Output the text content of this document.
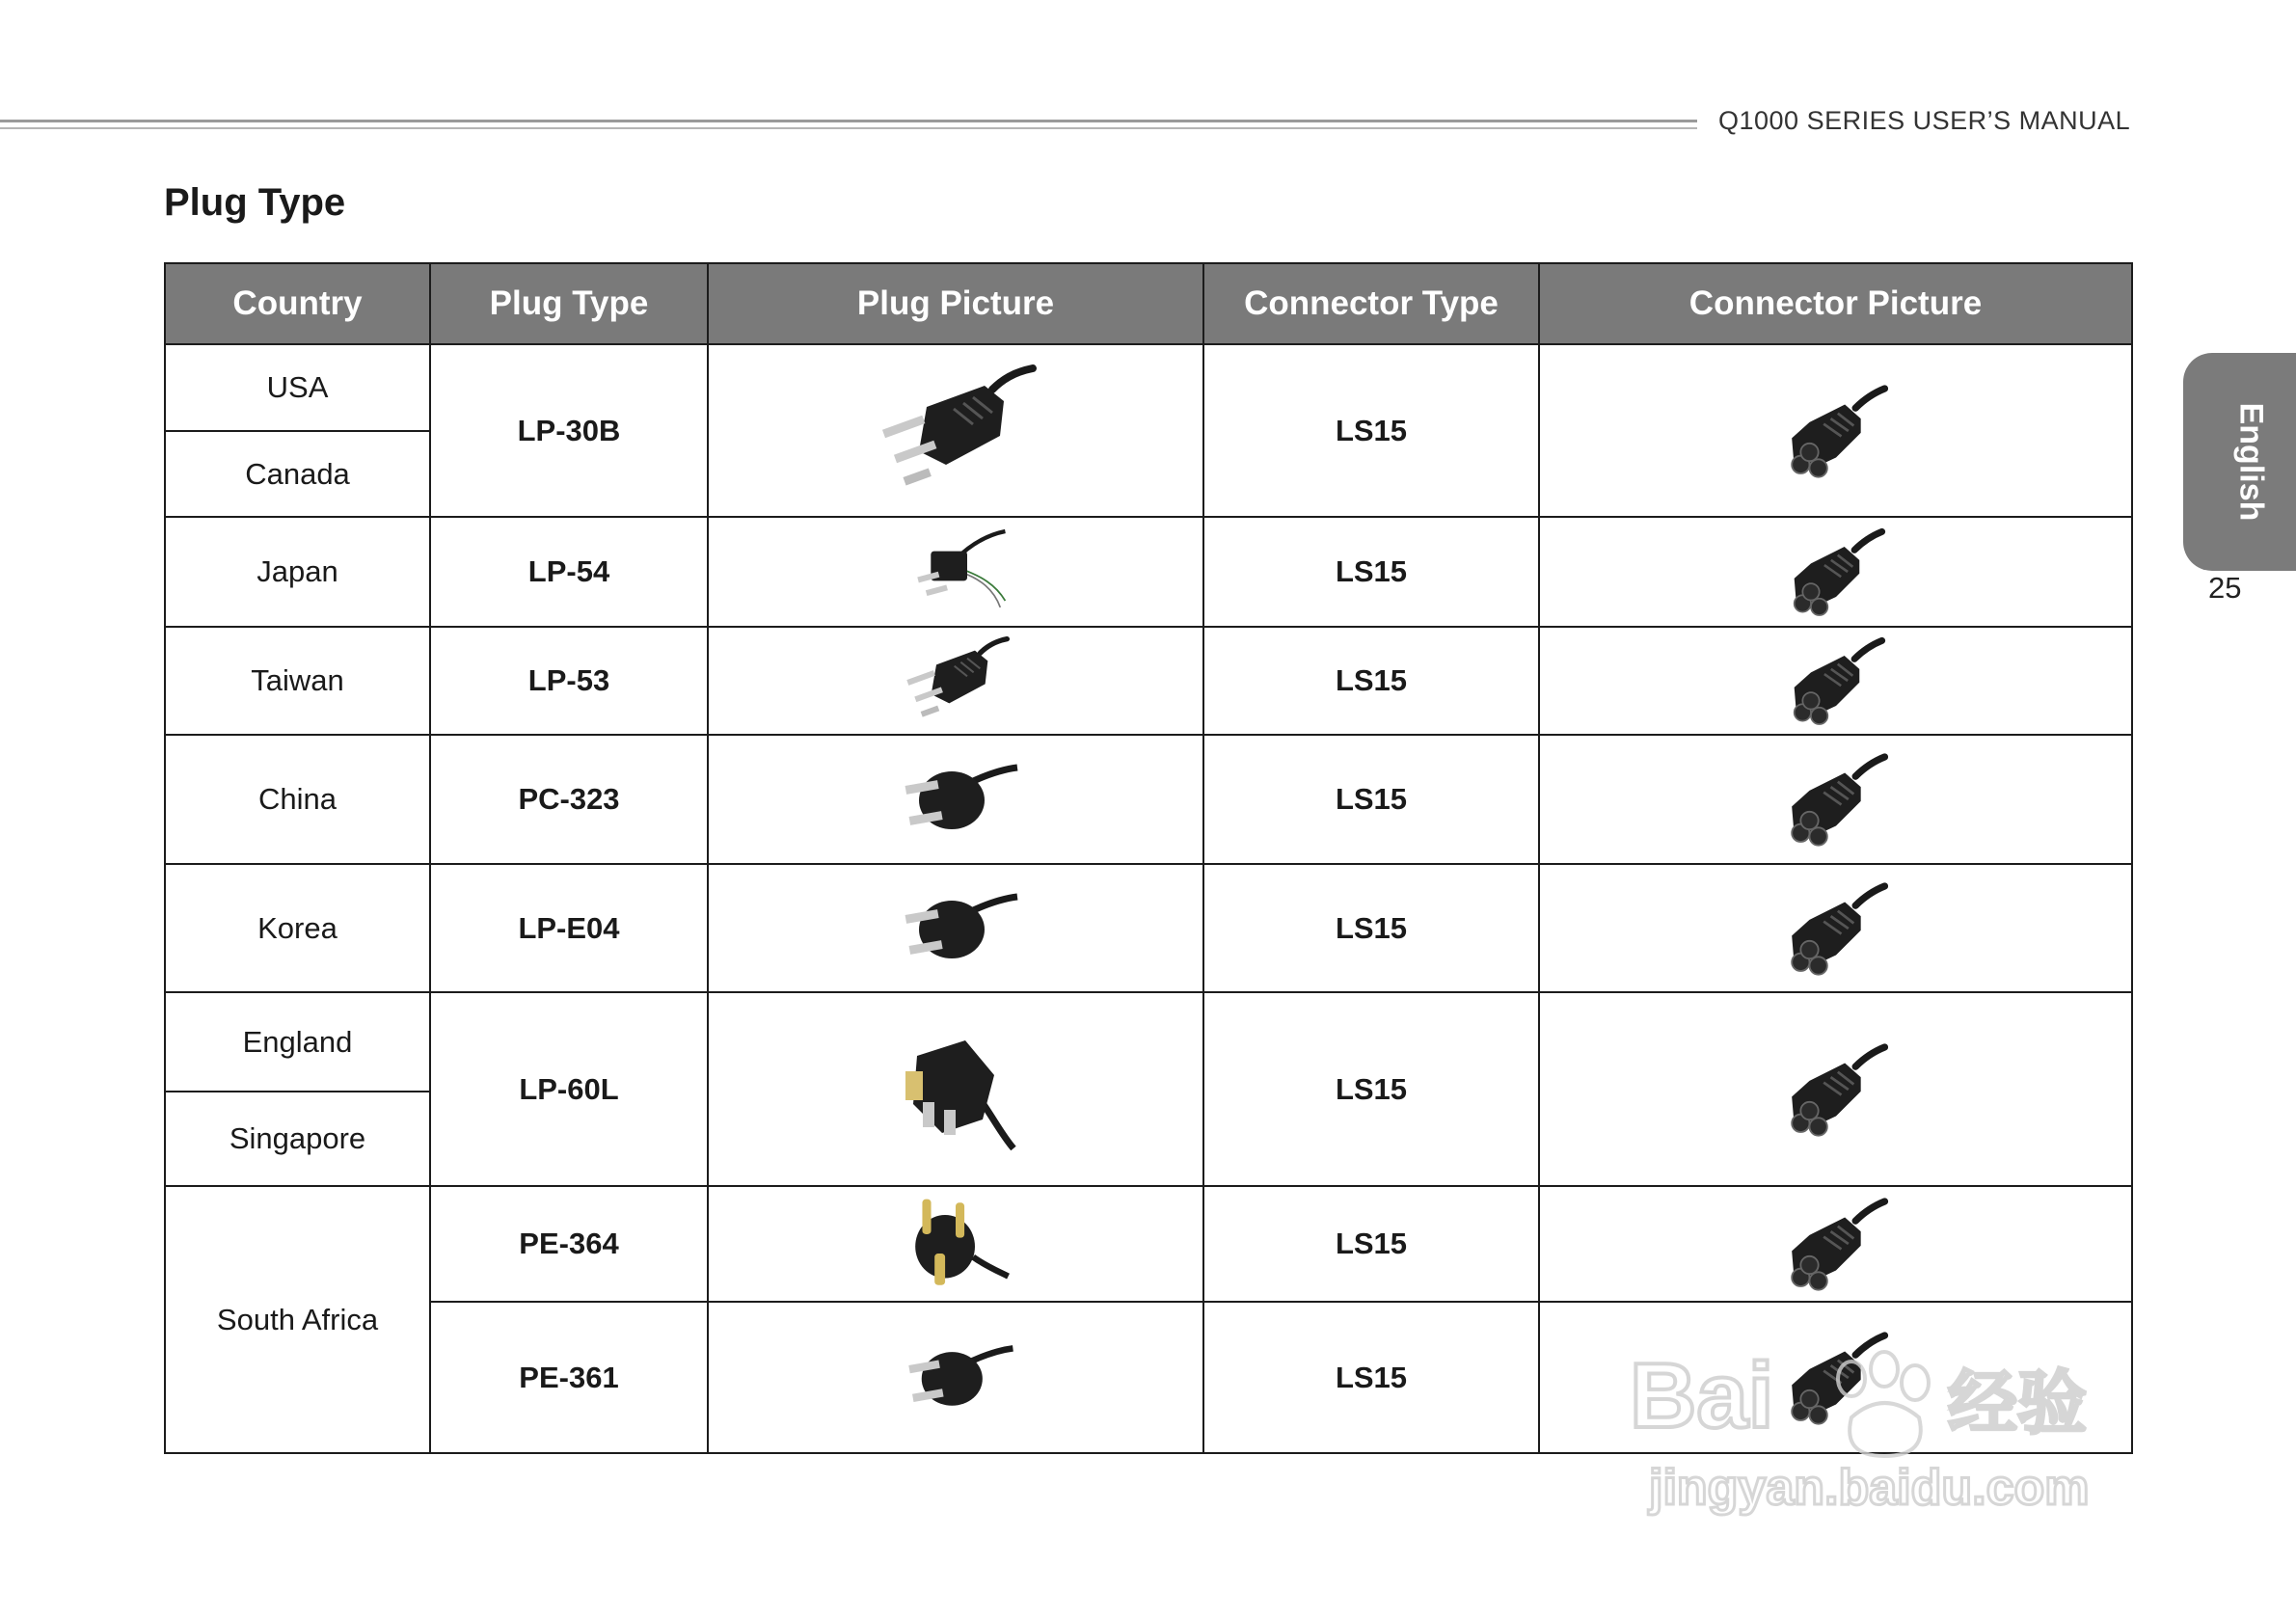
Q1000 SERIES USER’S MANUAL
Plug Type
English
25
Country	Plug Type	Plug Picture	Connector Type	Connector Picture
USA	LP-30B		LS15	

Canada				
Japan	LP-54		LS15	

Taiwan	LP-53		LS15	

China	PC-323		LS15	

Korea	LP-E04		LS15	

England	LP-60L		LS15	

Singapore				
South Africa	PE-364		LS15	

	PE-361		LS15	Bai	经验
jingyan.baidu.com
